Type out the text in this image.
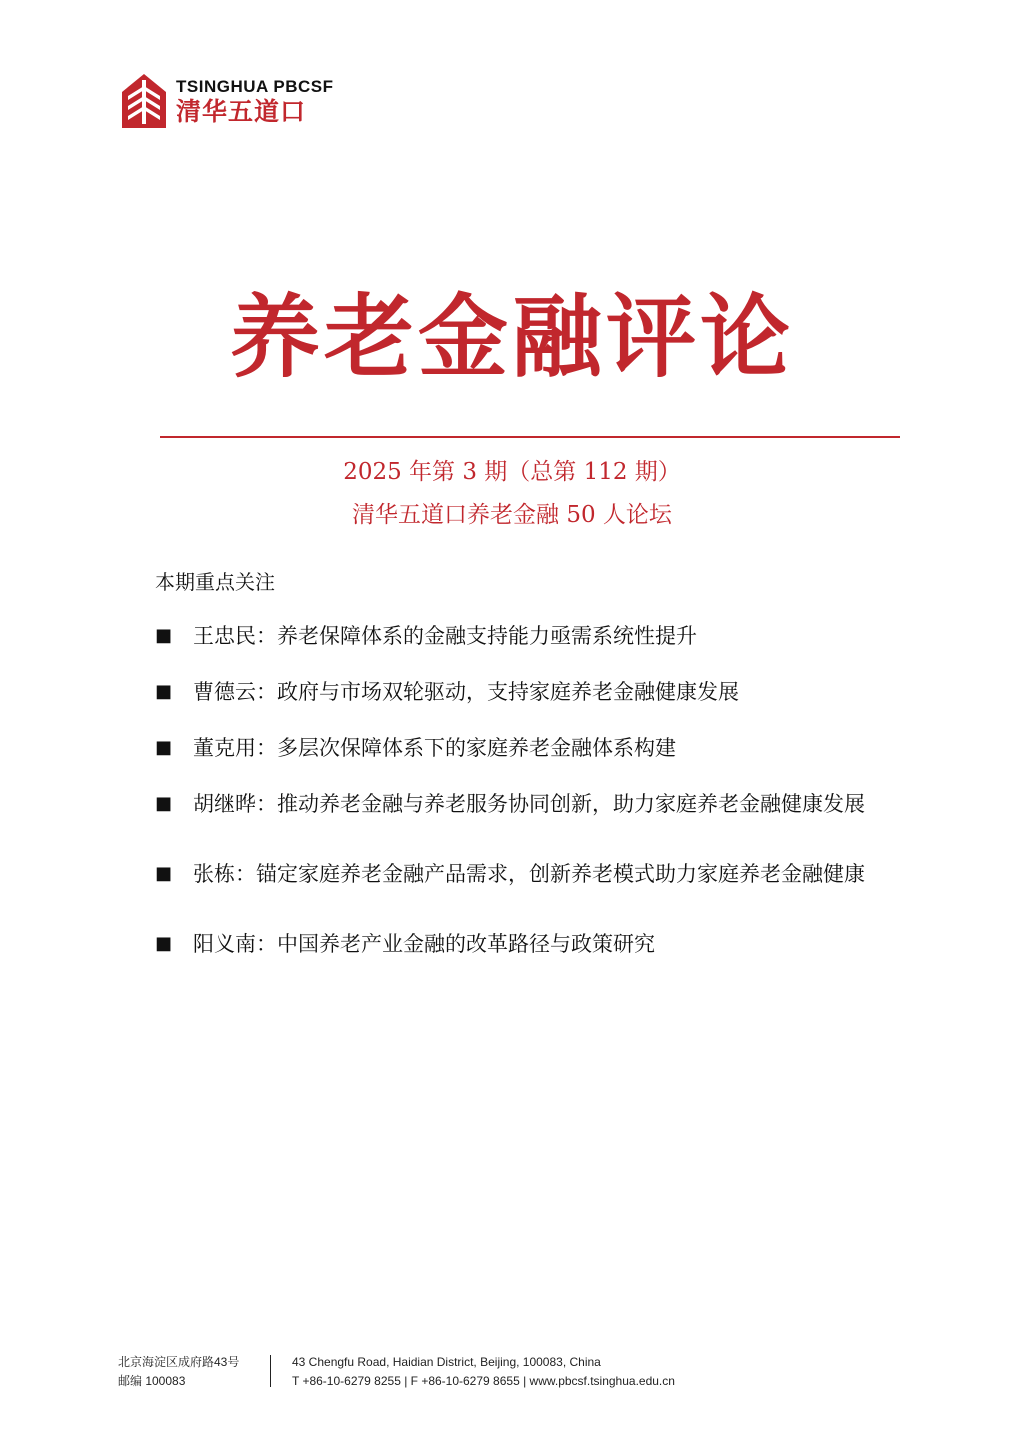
TSINGHUA PBCSF
清华五道口
养老金融评论
2025 年第 3 期（总第 112 期）
清华五道口养老金融 50 人论坛
本期重点关注
■ 王忠民：养老保障体系的金融支持能力亟需系统性提升
■ 曹德云：政府与市场双轮驱动，支持家庭养老金融健康发展
■ 董克用：多层次保障体系下的家庭养老金融体系构建
■ 胡继晔：推动养老金融与养老服务协同创新，助力家庭养老金融健康发展
■ 张栋：锚定家庭养老金融产品需求，创新养老模式助力家庭养老金融健康
■ 阳义南：中国养老产业金融的改革路径与政策研究
北京海淀区成府路43号
邮编 100083
43 Chengfu Road, Haidian District, Beijing, 100083, China
T +86-10-6279 8255 | F +86-10-6279 8655 | www.pbcsf.tsinghua.edu.cn
